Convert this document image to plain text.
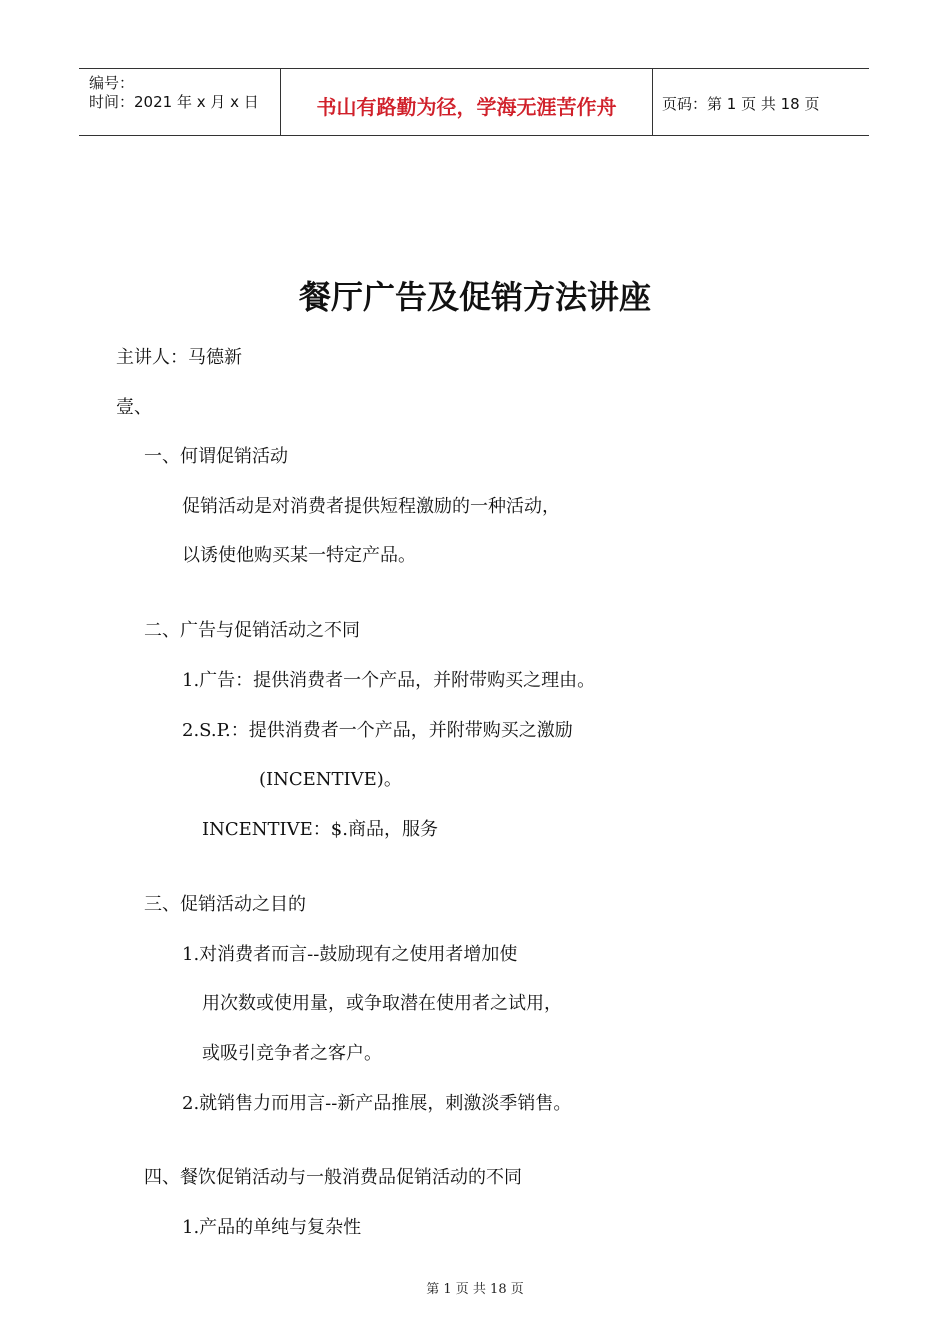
编号：
时间：2021 年 x 月 x 日	书山有路勤为径，学海无涯苦作舟	页码：第 1 页 共 18 页
餐厅广告及促销方法讲座
主讲人：马德新
壹、
一、何谓促销活动
促销活动是对消费者提供短程激励的一种活动，
以诱使他购买某一特定产品。
二、广告与促销活动之不同
1.广告：提供消费者一个产品，并附带购买之理由。
2.S.P.：提供消费者一个产品，并附带购买之激励
(INCENTIVE)。
INCENTIVE：$.商品，服务
三、促销活动之目的
1.对消费者而言--鼓励现有之使用者增加使
用次数或使用量，或争取潜在使用者之试用，
或吸引竞争者之客户。
2.就销售力而用言--新产品推展，刺激淡季销售。
四、餐饮促销活动与一般消费品促销活动的不同
1.产品的单纯与复杂性
第 1 页 共 18 页
